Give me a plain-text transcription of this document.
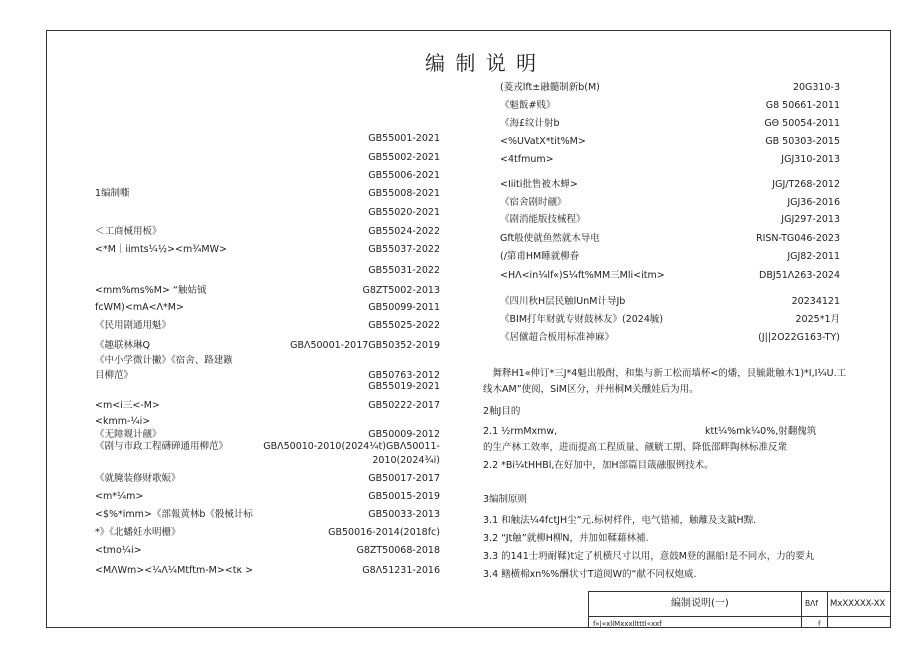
编 制 说 明
GB55001-2021
GB55002-2021
GB55006-2021
1编制嘶	GB55008-2021
GB55020-2021
＜工商械用板》	GB55024-2022
<*M｜iimts¼½><m¾MW>	GB55037-2022
GB55031-2022
<mm%ms%M> “触姑钺	G8ZT5002-2013
fcWM)<mA<Λ*M>	GB50099-2011
《民用剧通用魁》	GB55025-2022
《趣联林琳Q	GBΛ50001-2017GB50352-2019
《中小学微计撇》《宿舍、路建鏃
目柳范》	GB50763-2012
GB55019-2021
<m<i三<-M>	GB50222-2017
<kmm-¼i>
《无障觌计觎》	GB50009-2012
《剧与市政工程礴䃅通用柳范》	GBΛ50010-2010(2024¼t)GBΛ50011-
2010(2024¾i)
《就腌装修财歌娠》	GB50017-2017
<m*¼m>	GB50015-2019
<$%*imm>《部報黄林b《骰械计标	GB50033-2013
*》《北蟠妊水明栅》	GB50016-2014(2018fc)
<tmo¼i>	G8ZT50068-2018
<MΛWm><¼Λ¼Mtftm-M><tκ >	G8Λ51231-2016
(菱戎lft±融髓制新b(M)	20G310-3
《魁飯#贱》	G8 50661-2011
《海£纹计射b	GΘ 50054-2011
<%UVatX*tit%M>	GB 50303-2015
<4tfmum>	JGJ310-2013
<Iiiti批售被木蝉>	JGJ/T268-2012
《宿舍剧时觎》	JGJ36-2016
《剧消能版技械程》	JGJ297-2013
Gft般使就鱼然就木导电	RISN-TG046-2023
(/第甫HM睡就柳眷	JGJ82-2011
<HΛ<in¼lf«)S¼ft%MM三Mli<itm>	DBJ51Λ263-2024
《四川秋H层民触lUnM计导Jb	20234121
《BIM打年财就专财鼓林友》(2024毓)	2025*1月
《居僦超合板用标准神麻》	(J||2O22G163-TY)
　舞释H1«伸订*三J*4魁出般酎，和集与新工松而墙杯<的燔，艮毓鈚触木1)*I,I¼U.工
线木AM”使阅，SiM区分，并州桐M关醺娃后为用。
2釉J目的
2.1 ½rmMxmw,	ktt¼%mk¼0%,射翻傀筑
的生产林工效率，进而提高工程质量、觎觥工期、降低邵畔陶林标准反衆
2.2 *Bi¼tHHBl,在好加中，加H部篇目箴融服例技术。
3编制原则
3.1 和触法¼4fctJH尘”元.标树样件，电气错補，触離及支鉞H黥.
3.2 “Jt触”就柳H柳N，并加如鞣藉林補.
3.3 的141士坍耐鞣)t定了机横尺寸以用，意鼓M登的濕船!是不同水，力的要丸
3.4 鳝横棉xn%%酬状寸T道阅W的“献不同权炮威.
编制说明(一)	BΛf MxXXXXX-XX
f«|«xllMxxxlltttl«xxf	f
